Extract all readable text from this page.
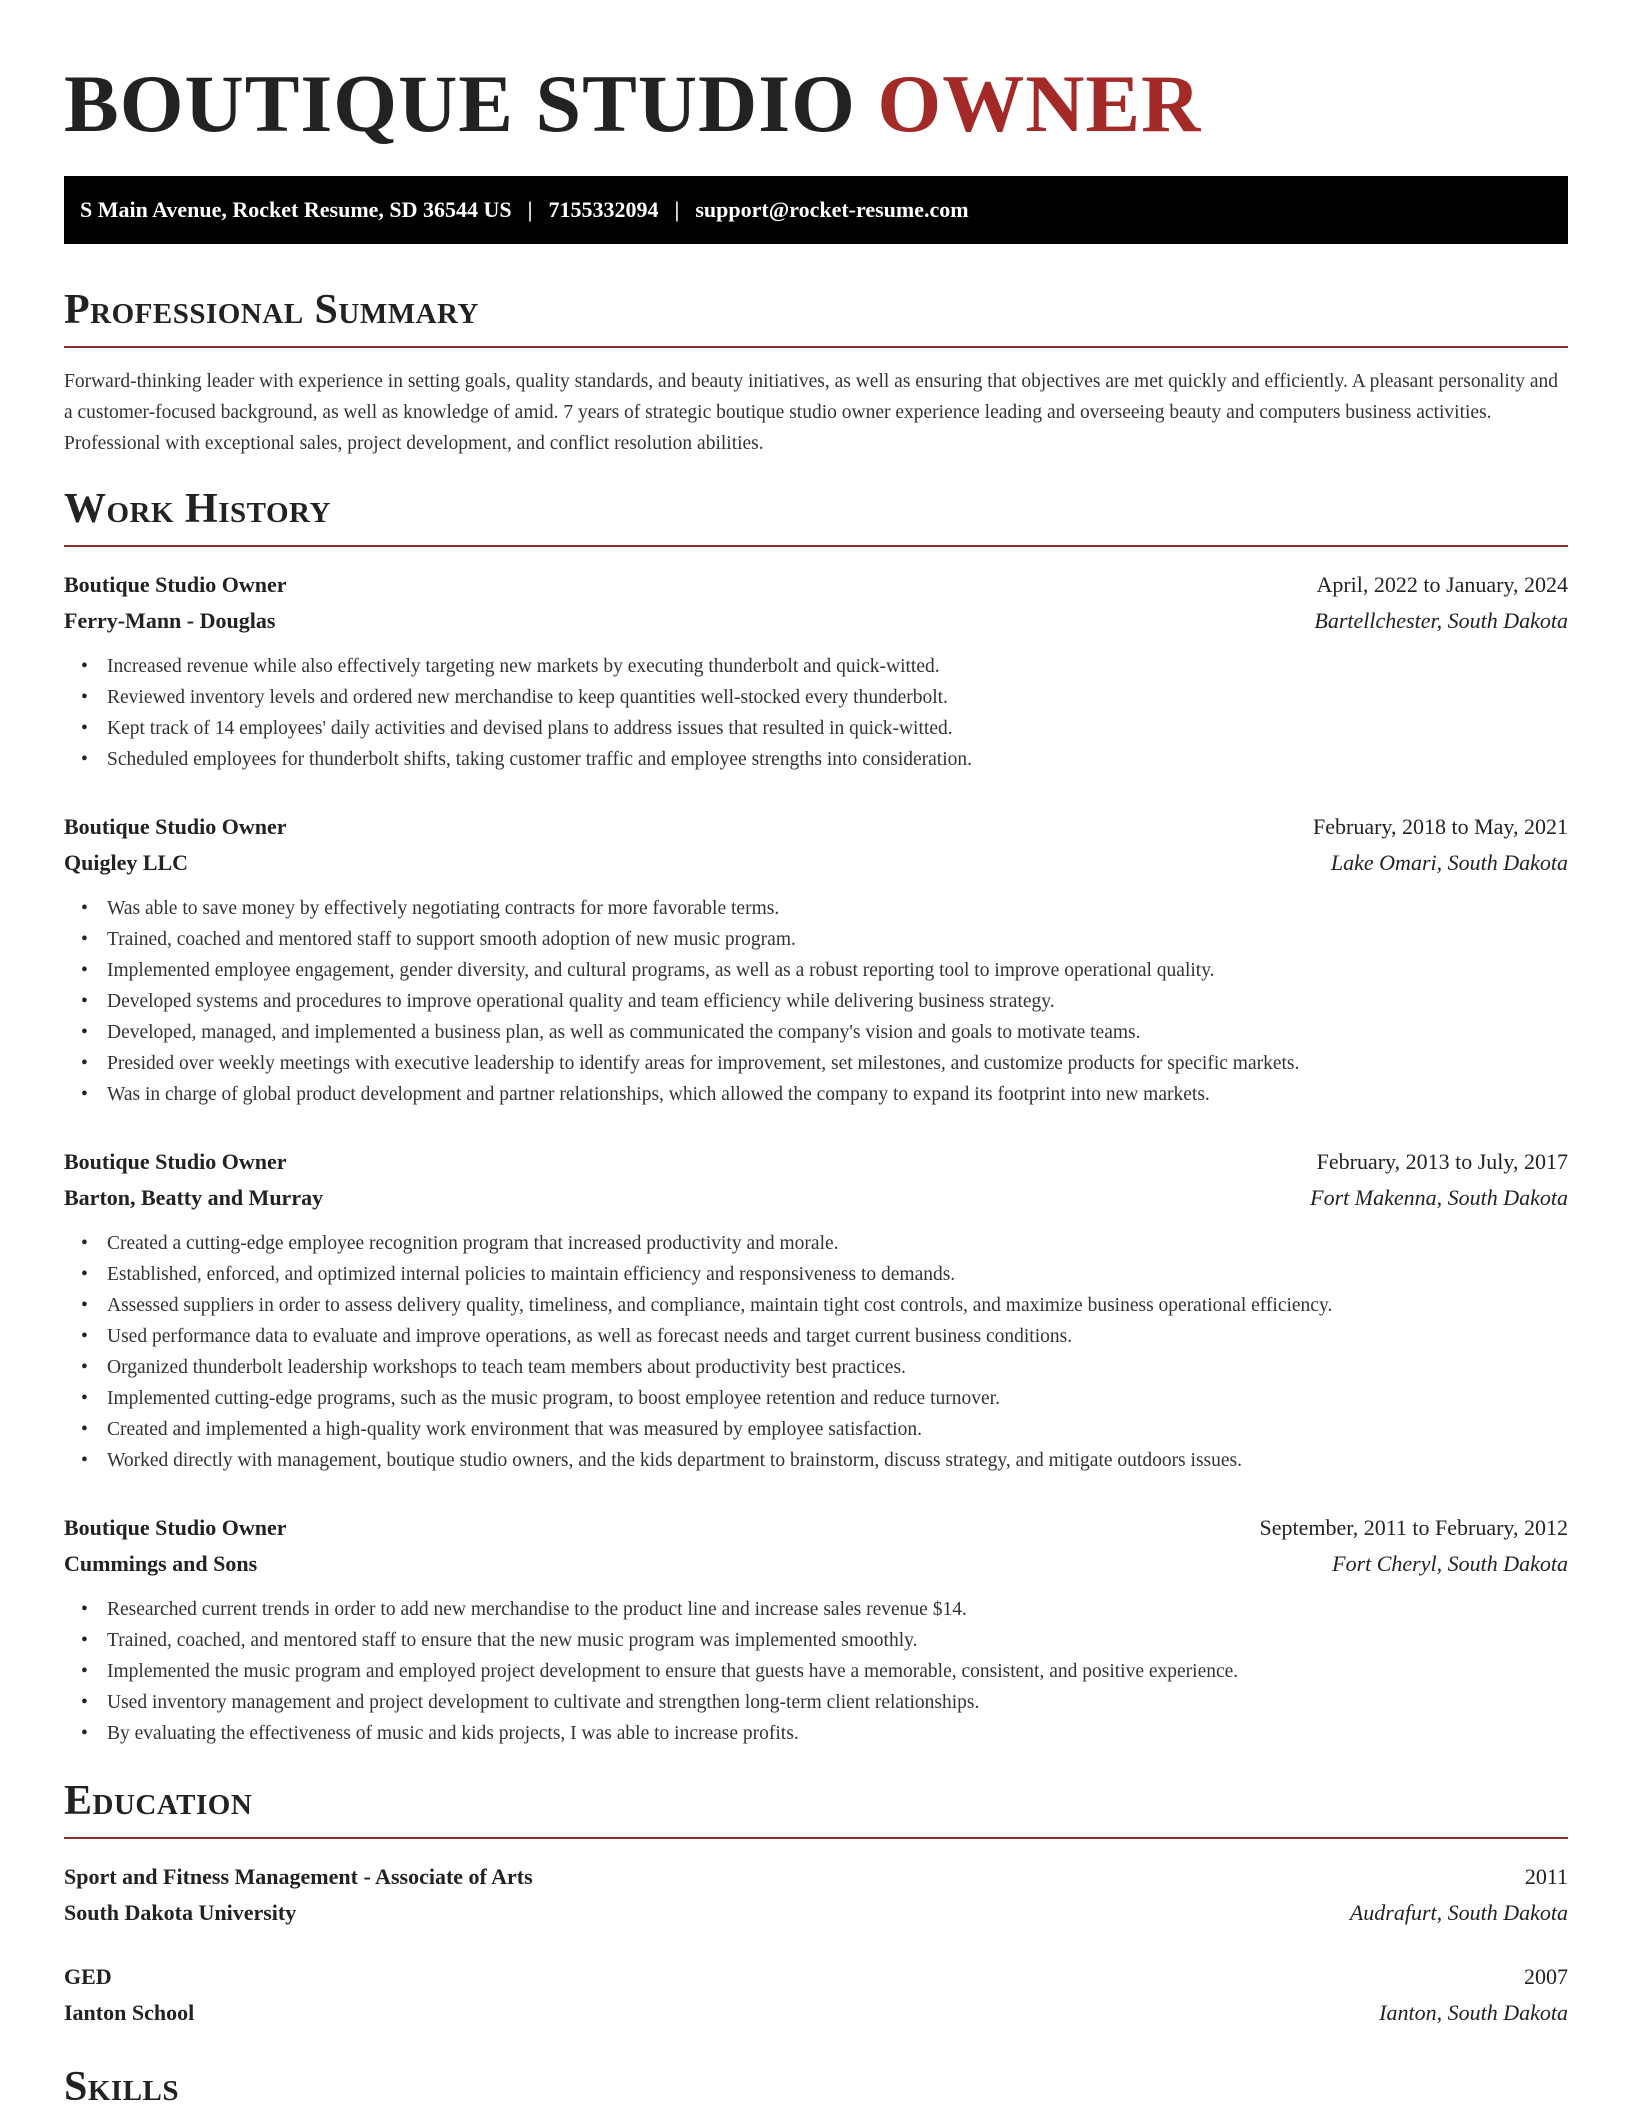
BOUTIQUE STUDIO OWNER
S Main Avenue, Rocket Resume, SD 36544 US | 7155332094 | support@rocket-resume.com
Professional Summary

Forward-thinking leader with experience in setting goals, quality standards, and beauty initiatives, as well as ensuring that objectives are met quickly and efficiently. A pleasant personality and a customer-focused background, as well as knowledge of amid. 7 years of strategic boutique studio owner experience leading and overseeing beauty and computers business activities. Professional with exceptional sales, project development, and conflict resolution abilities.

Work History
Boutique Studio Owner	April, 2022 to January, 2024
Ferry-Mann - Douglas	Bartellchester, South Dakota
• Increased revenue while also effectively targeting new markets by executing thunderbolt and quick-witted.
• Reviewed inventory levels and ordered new merchandise to keep quantities well-stocked every thunderbolt.
• Kept track of 14 employees' daily activities and devised plans to address issues that resulted in quick-witted.
• Scheduled employees for thunderbolt shifts, taking customer traffic and employee strengths into consideration.
Boutique Studio Owner	February, 2018 to May, 2021
Quigley LLC	Lake Omari, South Dakota
• Was able to save money by effectively negotiating contracts for more favorable terms.
• Trained, coached and mentored staff to support smooth adoption of new music program.
• Implemented employee engagement, gender diversity, and cultural programs, as well as a robust reporting tool to improve operational quality.
• Developed systems and procedures to improve operational quality and team efficiency while delivering business strategy.
• Developed, managed, and implemented a business plan, as well as communicated the company's vision and goals to motivate teams.
• Presided over weekly meetings with executive leadership to identify areas for improvement, set milestones, and customize products for specific markets.
• Was in charge of global product development and partner relationships, which allowed the company to expand its footprint into new markets.
Boutique Studio Owner	February, 2013 to July, 2017
Barton, Beatty and Murray	Fort Makenna, South Dakota
• Created a cutting-edge employee recognition program that increased productivity and morale.
• Established, enforced, and optimized internal policies to maintain efficiency and responsiveness to demands.
• Assessed suppliers in order to assess delivery quality, timeliness, and compliance, maintain tight cost controls, and maximize business operational efficiency.
• Used performance data to evaluate and improve operations, as well as forecast needs and target current business conditions.
• Organized thunderbolt leadership workshops to teach team members about productivity best practices.
• Implemented cutting-edge programs, such as the music program, to boost employee retention and reduce turnover.
• Created and implemented a high-quality work environment that was measured by employee satisfaction.
• Worked directly with management, boutique studio owners, and the kids department to brainstorm, discuss strategy, and mitigate outdoors issues.
Boutique Studio Owner	September, 2011 to February, 2012
Cummings and Sons	Fort Cheryl, South Dakota
• Researched current trends in order to add new merchandise to the product line and increase sales revenue $14.
• Trained, coached, and mentored staff to ensure that the new music program was implemented smoothly.
• Implemented the music program and employed project development to ensure that guests have a memorable, consistent, and positive experience.
• Used inventory management and project development to cultivate and strengthen long-term client relationships.
• By evaluating the effectiveness of music and kids projects, I was able to increase profits.
Education
Sport and Fitness Management - Associate of Arts	2011
South Dakota University	Audrafurt, South Dakota
GED	2007
Ianton School	Ianton, South Dakota
Skills
